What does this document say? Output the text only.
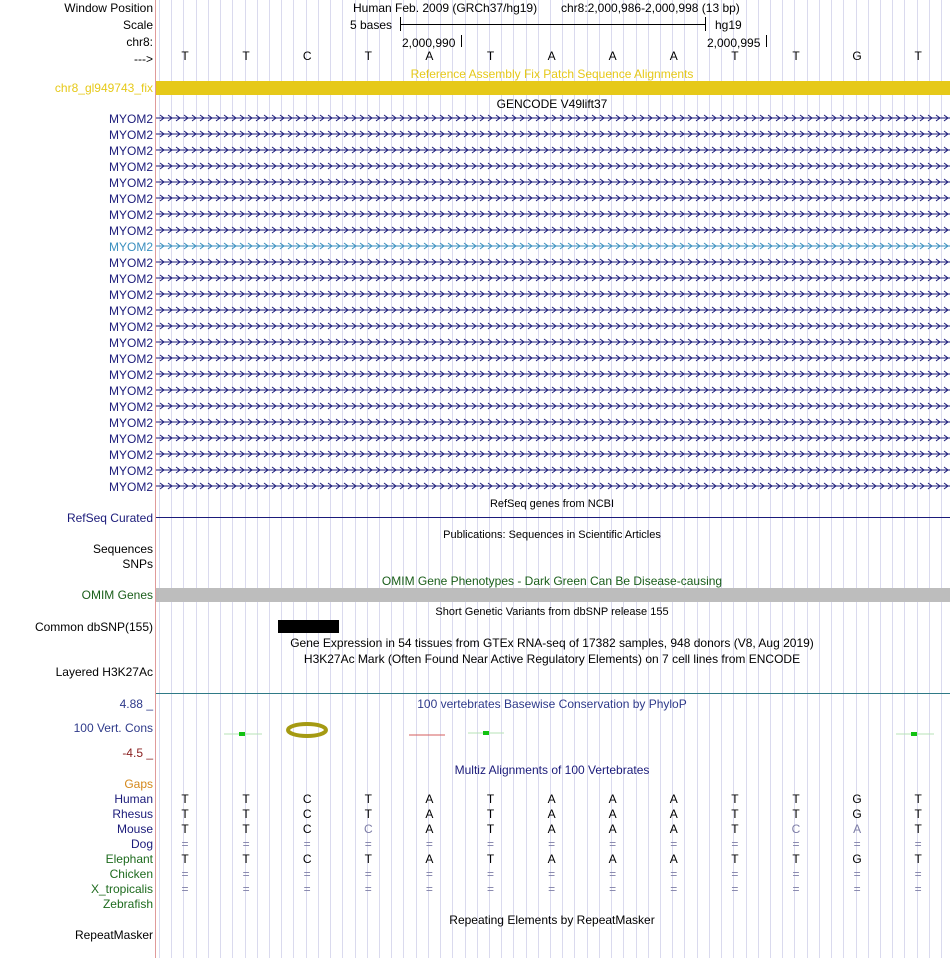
Window Position
Scale
chr8:
--->
Human Feb. 2009 (GRCh37/hg19) chr8:2,000,986-2,000,998 (13 bp)
5 bases	hg19
2,000,990	2,000,995
T	T	C	T	A	T	A	A	A	T	T	G	T
Reference Assembly Fix Patch Sequence Alignments
chr8_gl949743_fix
GENCODE V49lift37
MYOM2
MYOM2
MYOM2
MYOM2
MYOM2
MYOM2
MYOM2
MYOM2
MYOM2
MYOM2
MYOM2
MYOM2
MYOM2
MYOM2
MYOM2
MYOM2
MYOM2
MYOM2
MYOM2
MYOM2
MYOM2
MYOM2
MYOM2
MYOM2
RefSeq genes from NCBI
RefSeq Curated
Publications: Sequences in Scientific Articles
Sequences
SNPs
OMIM Gene Phenotypes - Dark Green Can Be Disease-causing
OMIM Genes
Short Genetic Variants from dbSNP release 155
Common dbSNP(155)
Gene Expression in 54 tissues from GTEx RNA-seq of 17382 samples, 948 donors (V8, Aug 2019)
H3K27Ac Mark (Often Found Near Active Regulatory Elements) on 7 cell lines from ENCODE
Layered H3K27Ac
100 vertebrates Basewise Conservation by PhyloP
4.88 _
100 Vert. Cons
-4.5 _
Multiz Alignments of 100 Vertebrates
Gaps
Human	T	T	C	T	A	T	A	A	A	T	T	G	T
Rhesus	T	T	C	T	A	T	A	A	A	T	T	G	T
Mouse	T	T	C	C	A	T	A	A	A	T	C	A	T
Dog	=	=	=	=	=	=	=	=	=	=	=	=	=
Elephant	T	T	C	T	A	T	A	A	A	T	T	G	T
Chicken	=	=	=	=	=	=	=	=	=	=	=	=	=
X_tropicalis	=	=	=	=	=	=	=	=	=	=	=	=	=
Zebrafish
Repeating Elements by RepeatMasker
RepeatMasker
